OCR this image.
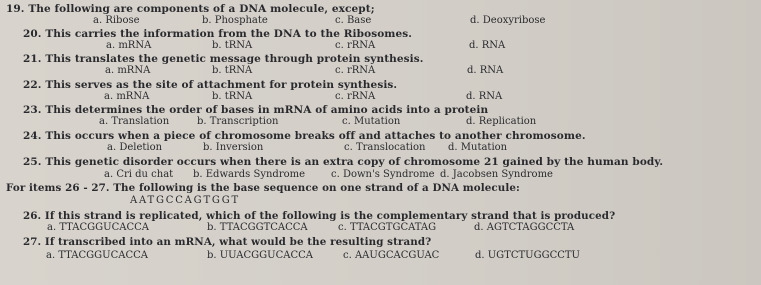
19. The following are components of a DNA molecule, except;
a. Ribose	b. Phosphate	c. Base	d. Deoxyribose
20. This carries the information from the DNA to the Ribosomes.
a. mRNA	b. tRNA	c. rRNA	d. RNA
21. This translates the genetic message through protein synthesis.
a. mRNA	b. tRNA	c. rRNA	d. RNA
22. This serves as the site of attachment for protein synthesis.
a. mRNA	b. tRNA	c. rRNA	d. RNA
23. This determines the order of bases in mRNA of amino acids into a protein
a. Translation	b. Transcription	c. Mutation	d. Replication
24. This occurs when a piece of chromosome breaks off and attaches to another chromosome.
a. Deletion	b. Inversion	c. Translocation d. Mutation
25. This genetic disorder occurs when there is an extra copy of chromosome 21 gained by the human body.
a. Cri du chat b. Edwards Syndrome	c. Down's Syndrome d. Jacobsen Syndrome
For items 26 - 27. The following is the base sequence on one strand of a DNA molecule:
AATGCCAGTGGT
26. If this strand is replicated, which of the following is the complementary strand that is produced?
a. TTACGGUCACCA	b. TTACGGTCACCA	c. TTACGTGCATAG	d. AGTCTAGGCCTA
27. If transcribed into an mRNA, what would be the resulting strand?
a. TTACGGUCACCA	b. UUACGGUCACCA	c. AAUGCACGUAC	d. UGTCTUGGCCTU
